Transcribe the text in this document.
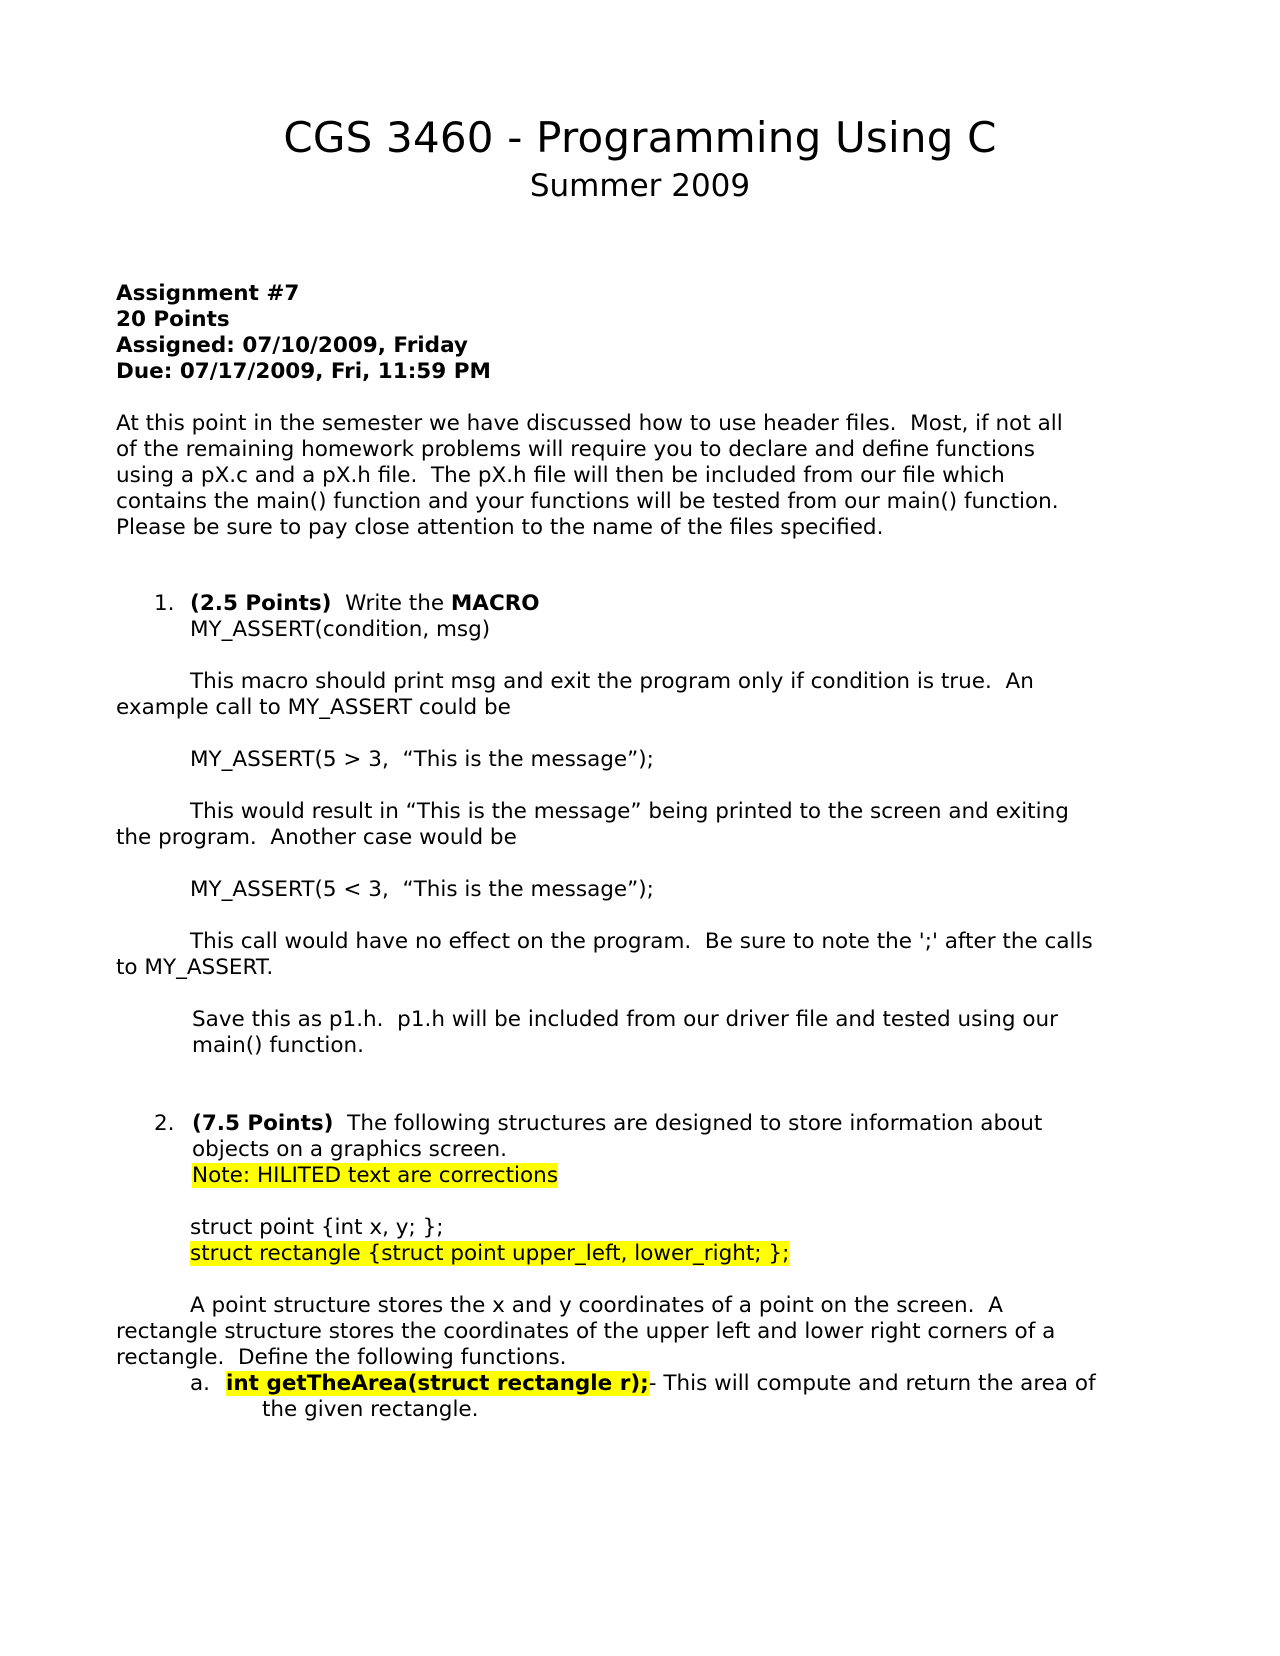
CGS 3460 - Programming Using C
Summer 2009
Assignment #7
20 Points
Assigned: 07/10/2009, Friday
Due: 07/17/2009, Fri, 11:59 PM
At this point in the semester we have discussed how to use header files.  Most, if not all
of the remaining homework problems will require you to declare and define functions
using a pX.c and a pX.h file.  The pX.h file will then be included from our file which
contains the main() function and your functions will be tested from our main() function.
Please be sure to pay close attention to the name of the files specified.
1. (2.5 Points)  Write the MACRO
MY_ASSERT(condition, msg)
This macro should print msg and exit the program only if condition is true.  An
example call to MY_ASSERT could be
MY_ASSERT(5 > 3,  “This is the message”);
This would result in “This is the message” being printed to the screen and exiting
the program.  Another case would be
MY_ASSERT(5 < 3,  “This is the message”);
This call would have no effect on the program.  Be sure to note the ';' after the calls
to MY_ASSERT.
Save this as p1.h.  p1.h will be included from our driver file and tested using our
main() function.
2. (7.5 Points)  The following structures are designed to store information about
objects on a graphics screen.
Note: HILITED text are corrections
struct point {int x, y; };
struct rectangle {struct point upper_left, lower_right; };
A point structure stores the x and y coordinates of a point on the screen.  A
rectangle structure stores the coordinates of the upper left and lower right corners of a
rectangle.  Define the following functions.
a. int getTheArea(struct rectangle r);- This will compute and return the area of
the given rectangle.
